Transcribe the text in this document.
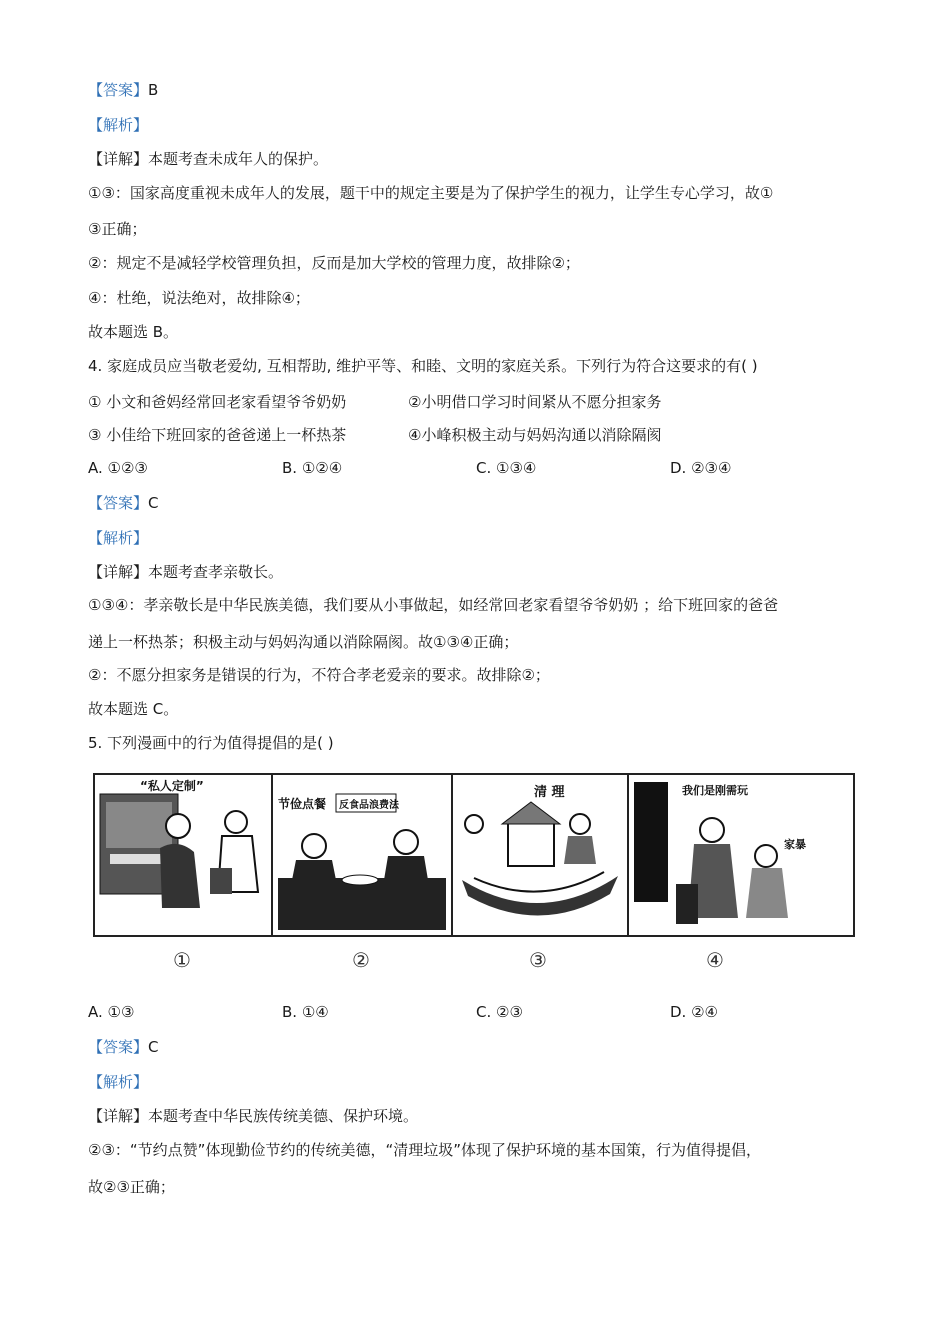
【答案】B
【解析】
【详解】本题考查未成年人的保护。
①③：国家高度重视未成年人的发展，题干中的规定主要是为了保护学生的视力，让学生专心学习，故①
③正确；
②：规定不是减轻学校管理负担，反而是加大学校的管理力度，故排除②；
④：杜绝，说法绝对，故排除④；
故本题选 B。
4. 家庭成员应当敬老爱幼, 互相帮助, 维护平等、和睦、文明的家庭关系。下列行为符合这要求的有( )
① 小文和爸妈经常回老家看望爷爷奶奶	②小明借口学习时间紧从不愿分担家务
③ 小佳给下班回家的爸爸递上一杯热茶	④小峰积极主动与妈妈沟通以消除隔阂
A. ①②③	B. ①②④	C. ①③④	D. ②③④
【答案】C
【解析】
【详解】本题考查孝亲敬长。
①③④：孝亲敬长是中华民族美德，我们要从小事做起，如经常回老家看望爷爷奶奶 ；给下班回家的爸爸
递上一杯热茶；积极主动与妈妈沟通以消除隔阂。故①③④正确；
②：不愿分担家务是错误的行为，不符合孝老爱亲的要求。故排除②；
故本题选 C。
5. 下列漫画中的行为值得提倡的是( )
“私人定制”
节俭点餐 反食品浪费法
清 理	我们是刚需玩
家暴
①	②	③	④
A. ①③	B. ①④	C. ②③	D. ②④
【答案】C
【解析】
【详解】本题考查中华民族传统美德、保护环境。
②③：“节约点赞”体现勤俭节约的传统美德，“清理垃圾”体现了保护环境的基本国策，行为值得提倡，
故②③正确；
